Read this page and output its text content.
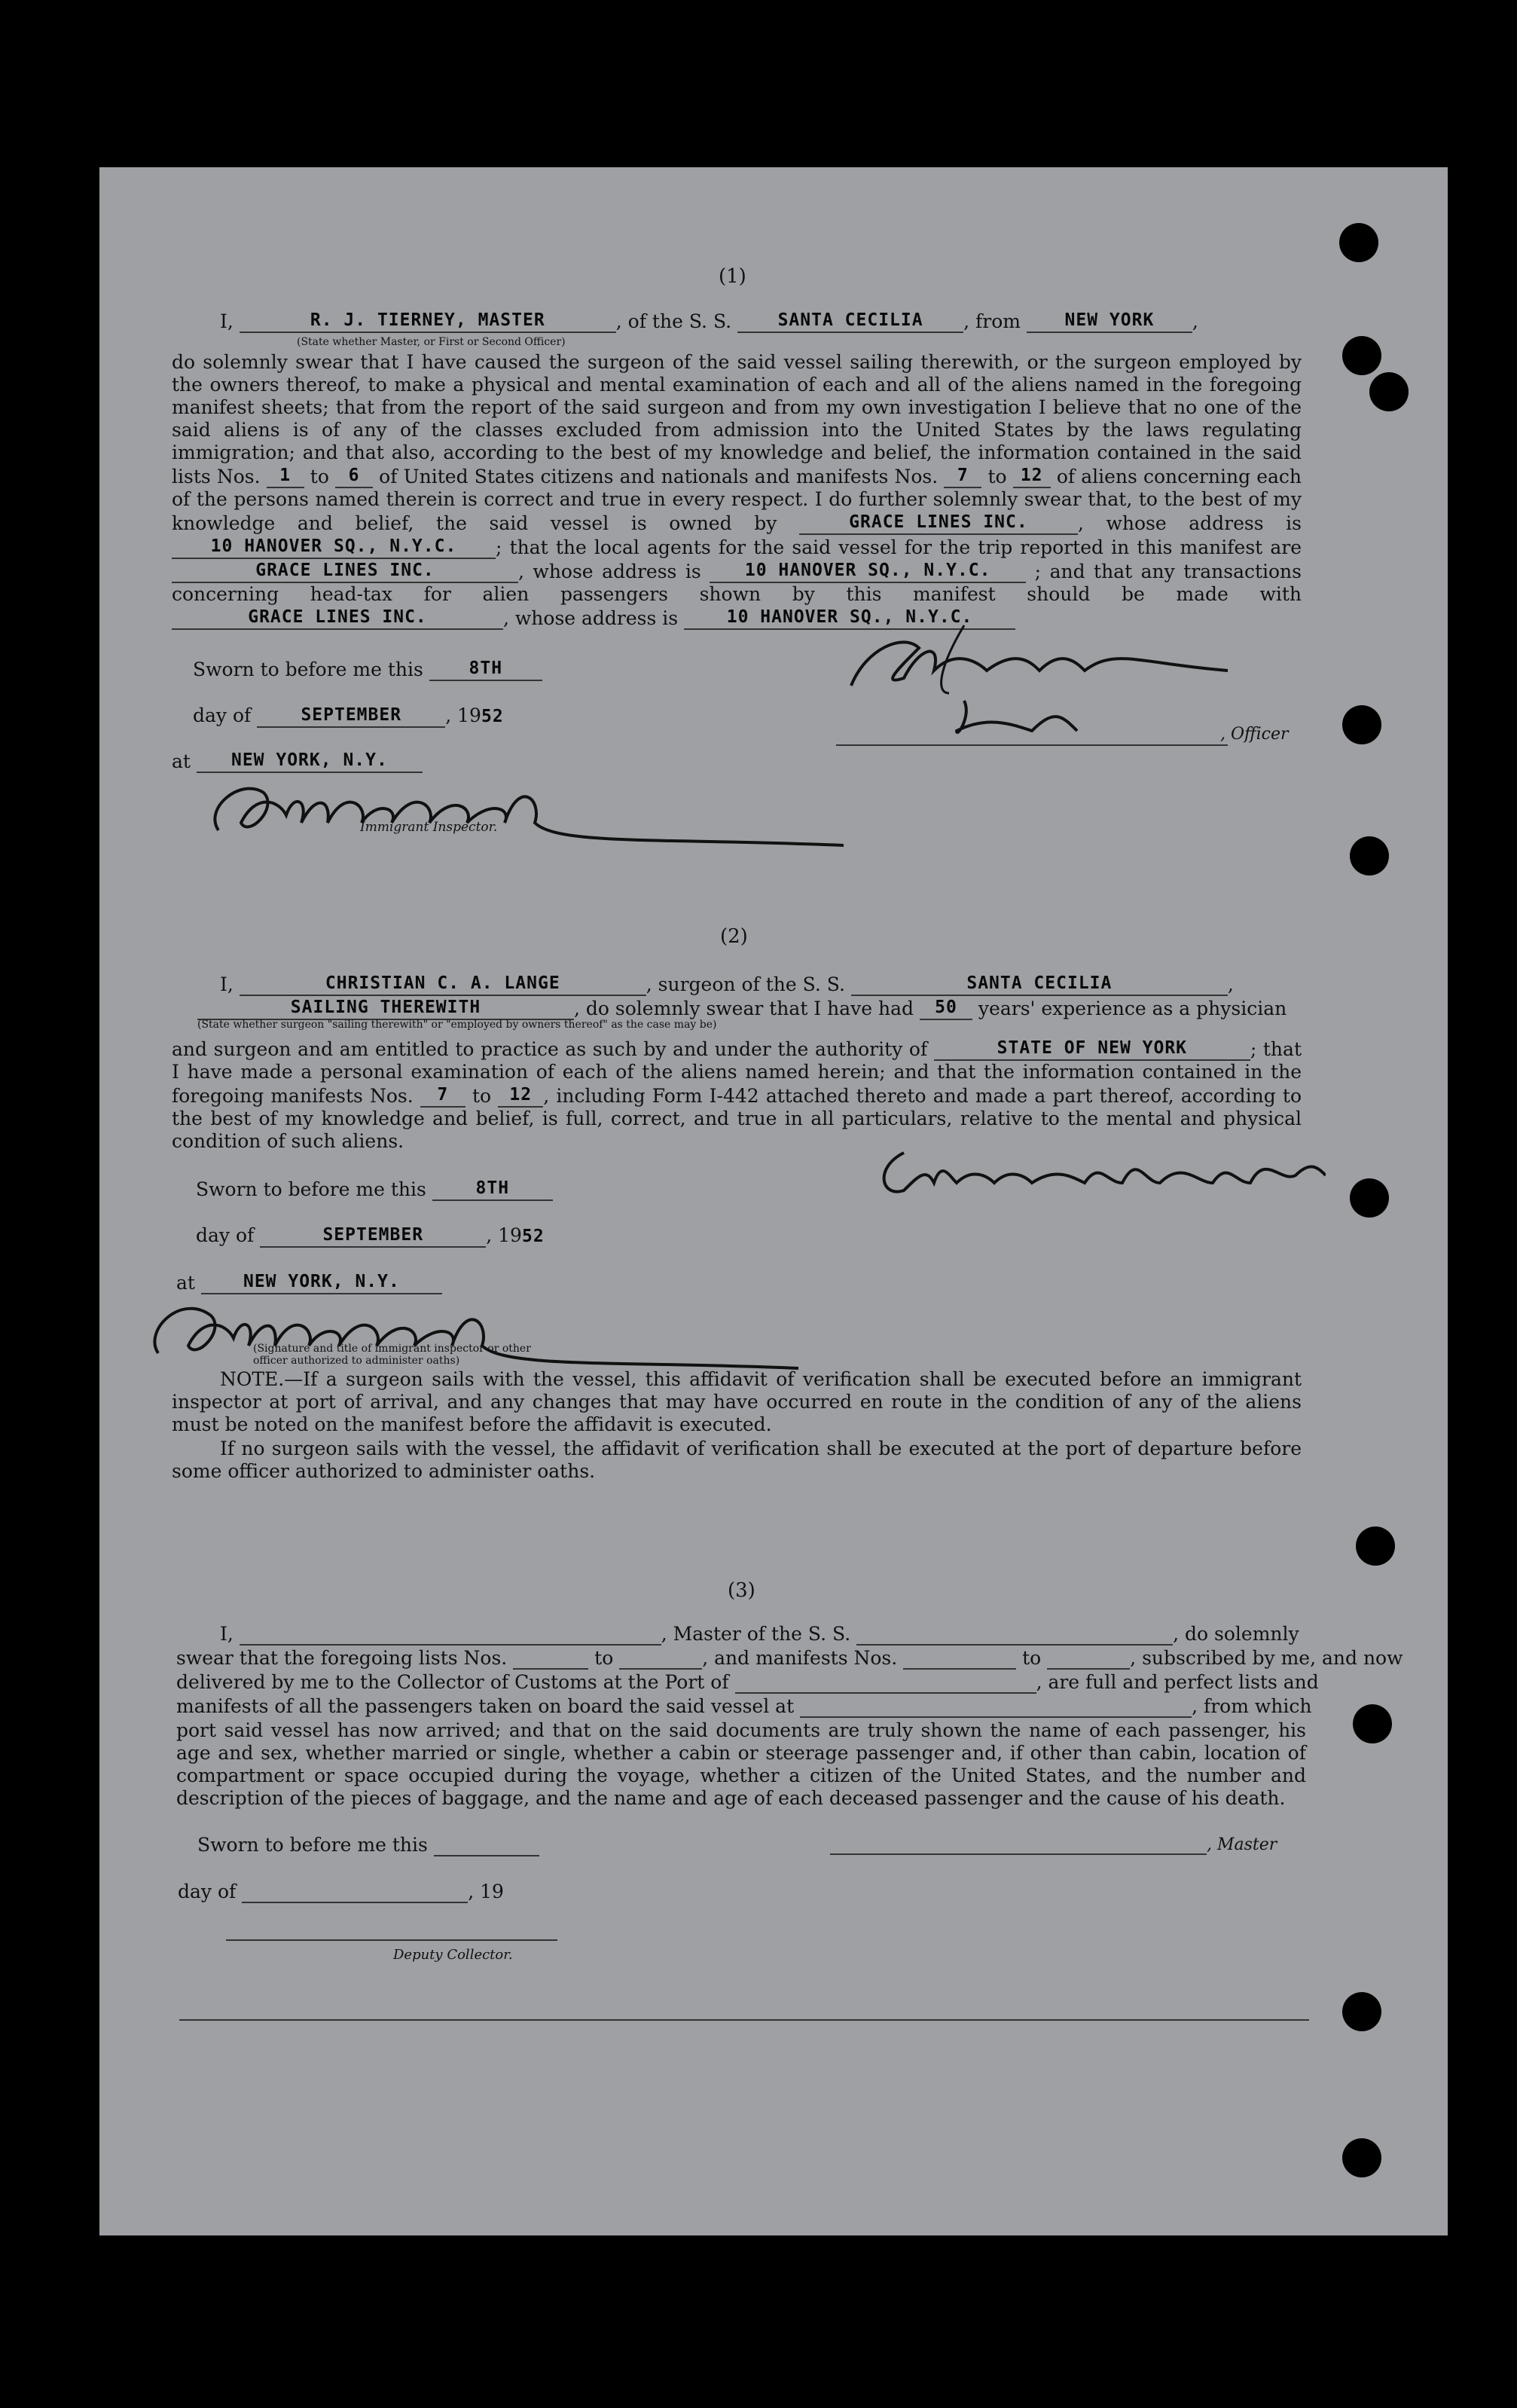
(1)
I,	R. J. TIERNEY, MASTER	, of the S. S.	SANTA CECILIA , from	NEW YORK ,
(State whether Master, or First or Second Officer)
do solemnly swear that I have caused the surgeon of the said vessel sailing therewith, or the surgeon employed by the owners thereof, to make a physical and mental examination of each and all of the aliens named in the foregoing manifest sheets; that from the report of the said surgeon and from my own investigation I believe that no one of the said aliens is of any of the classes excluded from admission into the United States by the laws regulating immigration; and that also, according to the best of my knowledge and belief, the information contained in the said lists Nos. 1 to 6 of United States citizens and nationals and manifests Nos. 7 to 12 of aliens concerning each of the persons named therein is correct and true in every respect. I do further solemnly swear that, to the best of my knowledge and belief, the said vessel is owned by	GRACE LINES INC.	, whose address is 10 HANOVER SQ., N.Y.C. ; that the local agents for the said vessel for the trip reported in this manifest are GRACE LINES INC.	, whose address is	10 HANOVER SQ., N.Y.C. ; and that any transactions concerning head-tax for alien passengers shown by this manifest should be made with GRACE LINES INC.	, whose address is	10 HANOVER SQ., N.Y.C.
Sworn to before me this	8TH
day of	SEPTEMBER , 1952
at NEW YORK, N.Y.
Immigrant Inspector.
, Officer
(2)
I,	CHRISTIAN C. A. LANGE	, surgeon of the S. S.	SANTA CECILIA	,
SAILING THEREWITH	, do solemnly swear that I have had 50 years' experience as a physician
(State whether surgeon "sailing therewith" or "employed by owners thereof" as the case may be)
and surgeon and am entitled to practice as such by and under the authority of	STATE OF NEW YORK	; that I have made a personal examination of each of the aliens named herein; and that the information contained in the foregoing manifests Nos. 7 to 12 , including Form I-442 attached thereto and made a part thereof, according to the best of my knowledge and belief, is full, correct, and true in all particulars, relative to the mental and physical condition of such aliens.
Sworn to before me this	8TH
day of	SEPTEMBER	, 1952
at	NEW YORK, N.Y.
(Signature and title of immigrant inspector or other officer authorized to administer oaths)
NOTE.—If a surgeon sails with the vessel, this affidavit of verification shall be executed before an immigrant inspector at port of arrival, and any changes that may have occurred en route in the condition of any of the aliens must be noted on the manifest before the affidavit is executed.
If no surgeon sails with the vessel, the affidavit of verification shall be executed at the port of departure before some officer authorized to administer oaths.
(3)
I,	, Master of the S. S.	, do solemnly
swear that the foregoing lists Nos.	to	, and manifests Nos.	to	, subscribed by me, and now
delivered by me to the Collector of Customs at the Port of	, are full and perfect lists and
manifests of all the passengers taken on board the said vessel at	, from which
port said vessel has now arrived; and that on the said documents are truly shown the name of each passenger, his age and sex, whether married or single, whether a cabin or steerage passenger and, if other than cabin, location of compartment or space occupied during the voyage, whether a citizen of the United States, and the number and description of the pieces of baggage, and the name and age of each deceased passenger and the cause of his death.
Sworn to before me this	, Master
day of	, 19
Deputy Collector.
